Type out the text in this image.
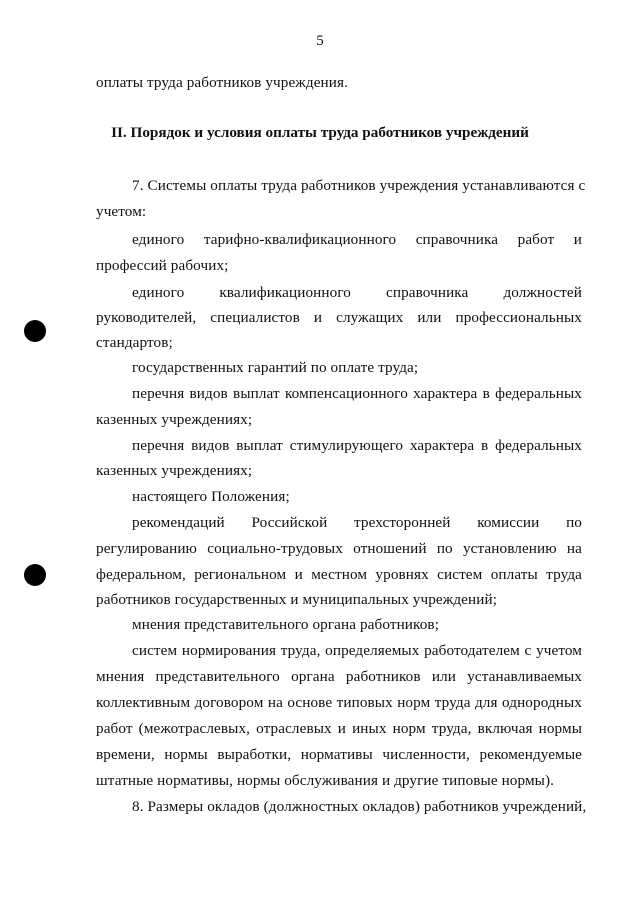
5
оплаты труда работников учреждения.
II. Порядок и условия оплаты труда работников учреждений
7. Системы оплаты труда работников учреждения устанавливаются с
учетом:
единого тарифно-квалификационного справочника работ и
профессий рабочих;
единого квалификационного справочника должностей
руководителей, специалистов и служащих или профессиональных
стандартов;
государственных гарантий по оплате труда;
перечня видов выплат компенсационного характера в федеральных
казенных учреждениях;
перечня видов выплат стимулирующего характера в федеральных
казенных учреждениях;
настоящего Положения;
рекомендаций Российской трехсторонней комиссии по
регулированию социально-трудовых отношений по установлению на
федеральном, региональном и местном уровнях систем оплаты труда
работников государственных и муниципальных учреждений;
мнения представительного органа работников;
систем нормирования труда, определяемых работодателем с учетом
мнения представительного органа работников или устанавливаемых
коллективным договором на основе типовых норм труда для однородных
работ (межотраслевых, отраслевых и иных норм труда, включая нормы
времени, нормы выработки, нормативы численности, рекомендуемые
штатные нормативы, нормы обслуживания и другие типовые нормы).
8. Размеры окладов (должностных окладов) работников учреждений,
